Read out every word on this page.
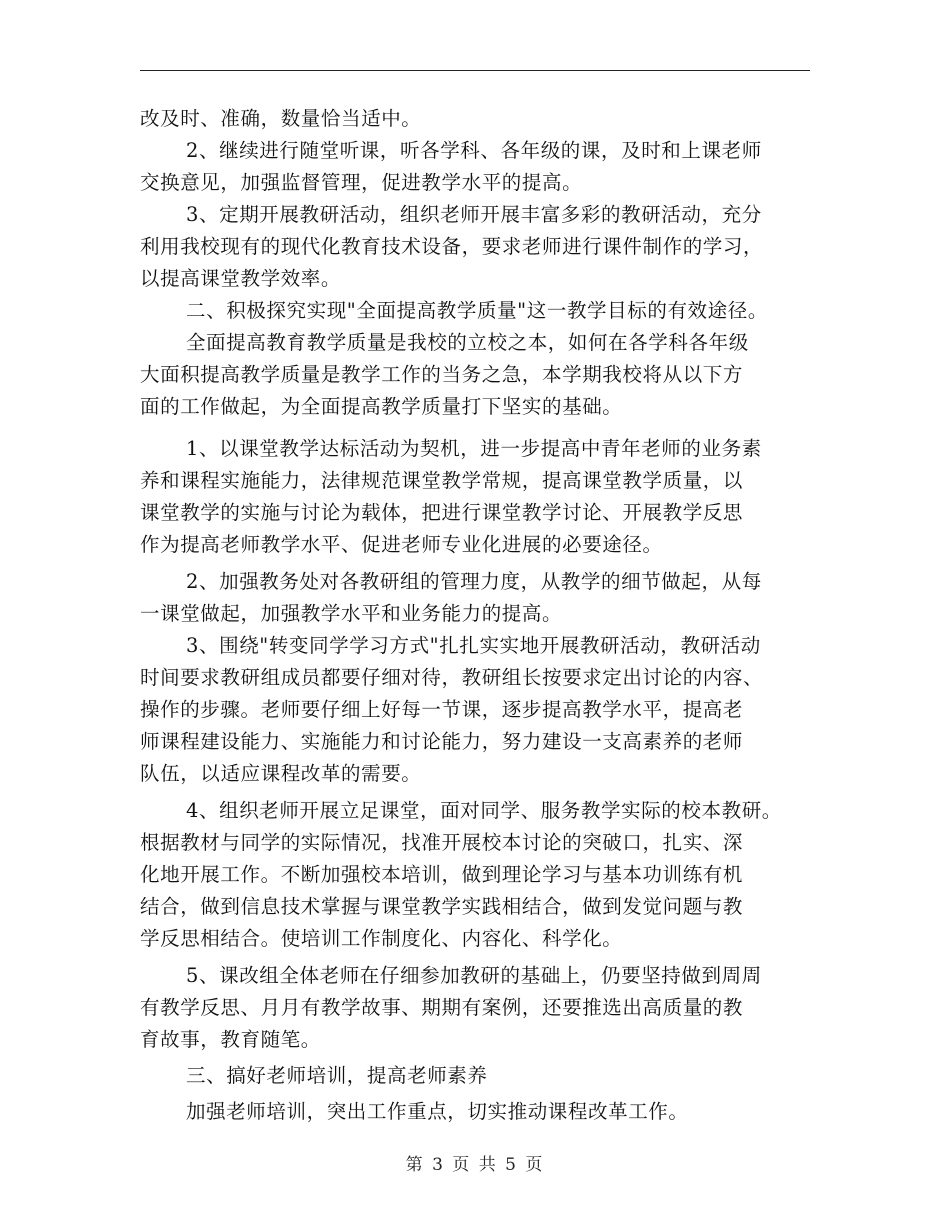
改及时、准确，数量恰当适中。
2、继续进行随堂听课，听各学科、各年级的课，及时和上课老师
交换意见，加强监督管理，促进教学水平的提高。
3、定期开展教研活动，组织老师开展丰富多彩的教研活动，充分
利用我校现有的现代化教育技术设备，要求老师进行课件制作的学习，
以提高课堂教学效率。
二、积极探究实现"全面提高教学质量"这一教学目标的有效途径。
全面提高教育教学质量是我校的立校之本，如何在各学科各年级
大面积提高教学质量是教学工作的当务之急，本学期我校将从以下方
面的工作做起，为全面提高教学质量打下坚实的基础。
1、以课堂教学达标活动为契机，进一步提高中青年老师的业务素
养和课程实施能力，法律规范课堂教学常规，提高课堂教学质量，以
课堂教学的实施与讨论为载体，把进行课堂教学讨论、开展教学反思
作为提高老师教学水平、促进老师专业化进展的必要途径。
2、加强教务处对各教研组的管理力度，从教学的细节做起，从每
一课堂做起，加强教学水平和业务能力的提高。
3、围绕"转变同学学习方式"扎扎实实地开展教研活动，教研活动
时间要求教研组成员都要仔细对待，教研组长按要求定出讨论的内容、
操作的步骤。老师要仔细上好每一节课，逐步提高教学水平，提高老
师课程建设能力、实施能力和讨论能力，努力建设一支高素养的老师
队伍，以适应课程改革的需要。
4、组织老师开展立足课堂，面对同学、服务教学实际的校本教研。
根据教材与同学的实际情况，找准开展校本讨论的突破口，扎实、深
化地开展工作。不断加强校本培训，做到理论学习与基本功训练有机
结合，做到信息技术掌握与课堂教学实践相结合，做到发觉问题与教
学反思相结合。使培训工作制度化、内容化、科学化。
5、课改组全体老师在仔细参加教研的基础上，仍要坚持做到周周
有教学反思、月月有教学故事、期期有案例，还要推选出高质量的教
育故事，教育随笔。
三、搞好老师培训，提高老师素养
加强老师培训，突出工作重点，切实推动课程改革工作。
第 3 页 共 5 页
